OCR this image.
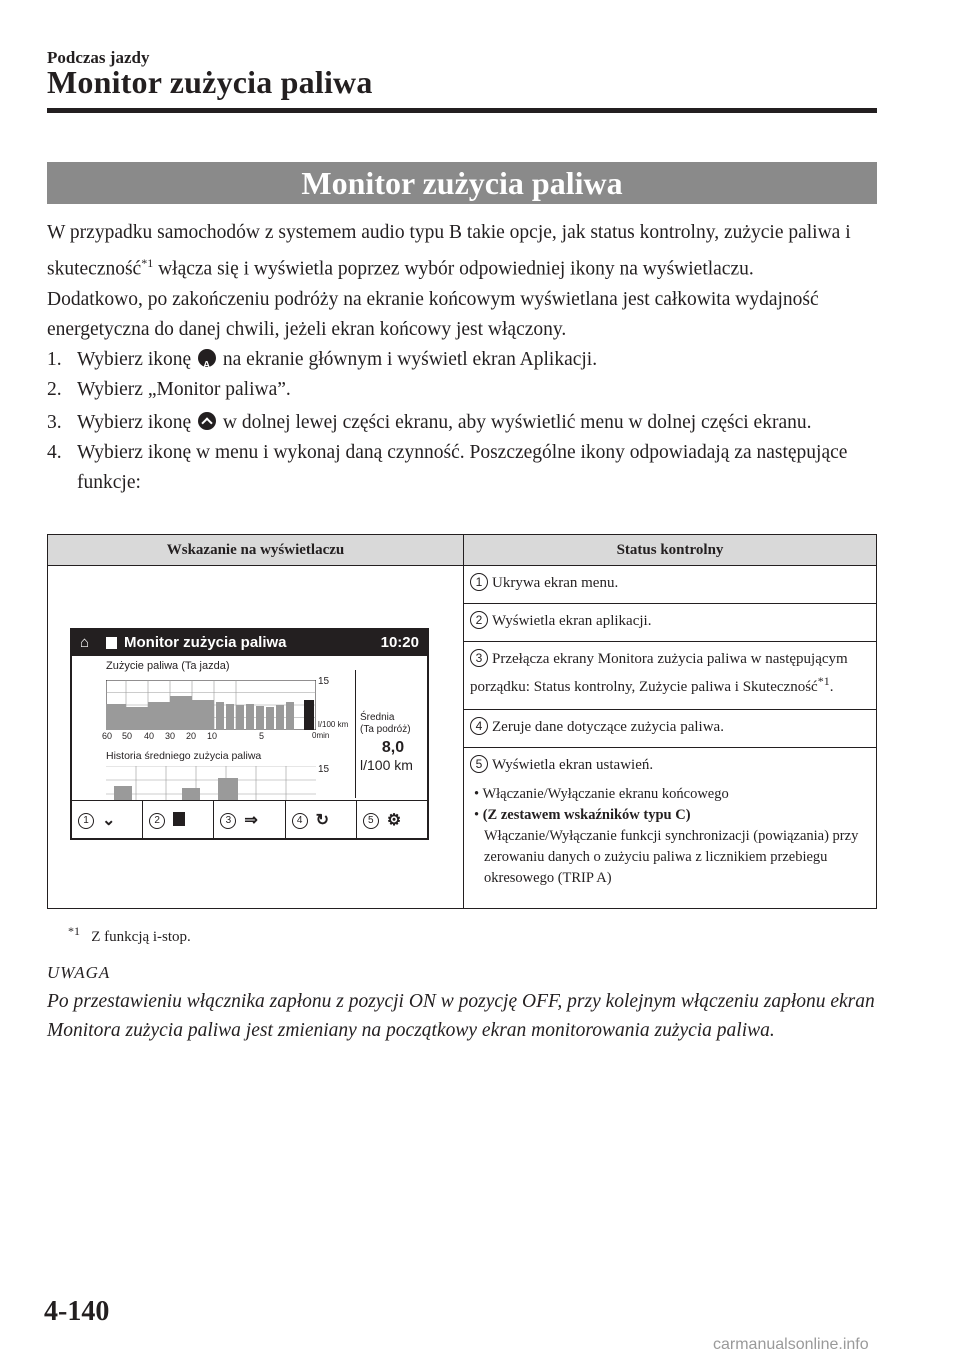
Podczas jazdy
Monitor zużycia paliwa
Monitor zużycia paliwa

W przypadku samochodów z systemem audio typu B takie opcje, jak status kontrolny, zużycie paliwa i skuteczność$^{*1}$ włącza się i wyświetla poprzez wybór odpowiedniej ikony na wyświetlaczu.

Dodatkowo, po zakończeniu podróży na ekranie końcowym wyświetlana jest całkowita wydajność energetyczna do danej chwili, jeżeli ekran końcowy jest włączony.

1. Wybierz ikonę A na ekranie głównym i wyświetl ekran Aplikacji.
2. Wybierz „Monitor paliwa”.
3. Wybierz ikonę  w dolnej lewej części ekranu, aby wyświetlić menu w dolnej części ekranu.
4. Wybierz ikonę w menu i wykonaj daną czynność. Poszczególne ikony odpowiadają za następujące funkcje:
Wskazanie na wyświetlaczu	Status kontrolny
	1 Ukrywa ekran menu.
	2 Wyświetla ekran aplikacji.
	3 Przełącza ekrany Monitora zużycia paliwa w następującym porządku: Status kontrolny, Zużycie paliwa i Skuteczność$^{*1}$.
	4 Zeruje dane dotyczące zużycia paliwa.
	5 Wyświetla ekran ustawień.
• Włączanie/Wyłączanie ekranu końcowego
• (Z zestawem wskaźników typu C)
Włączanie/Wyłączanie funkcji synchronizacji (powiązania) przy zerowaniu danych o zużyciu paliwa z licznikiem przebiegu okresowego (TRIP A)
⌂ Monitor zużycia paliwa	10:20
Zużycie paliwa (Ta jazda)
15
l/100 km
0min
60 50 40 30 20 10	5
Średnia
(Ta podróż)
8,0
l/100 km
Historia średniego zużycia paliwa
15
1 ⌄	2	3 ⇒	4 ↻	5 ⚙
$^{*1}$ Z funkcją i-stop.
UWAGA
Po przestawieniu włącznika zapłonu z pozycji ON w pozycję OFF, przy kolejnym włączeniu zapłonu ekran Monitora zużycia paliwa jest zmieniany na początkowy ekran monitorowania zużycia paliwa.
4-140
carmanualsonline.info
